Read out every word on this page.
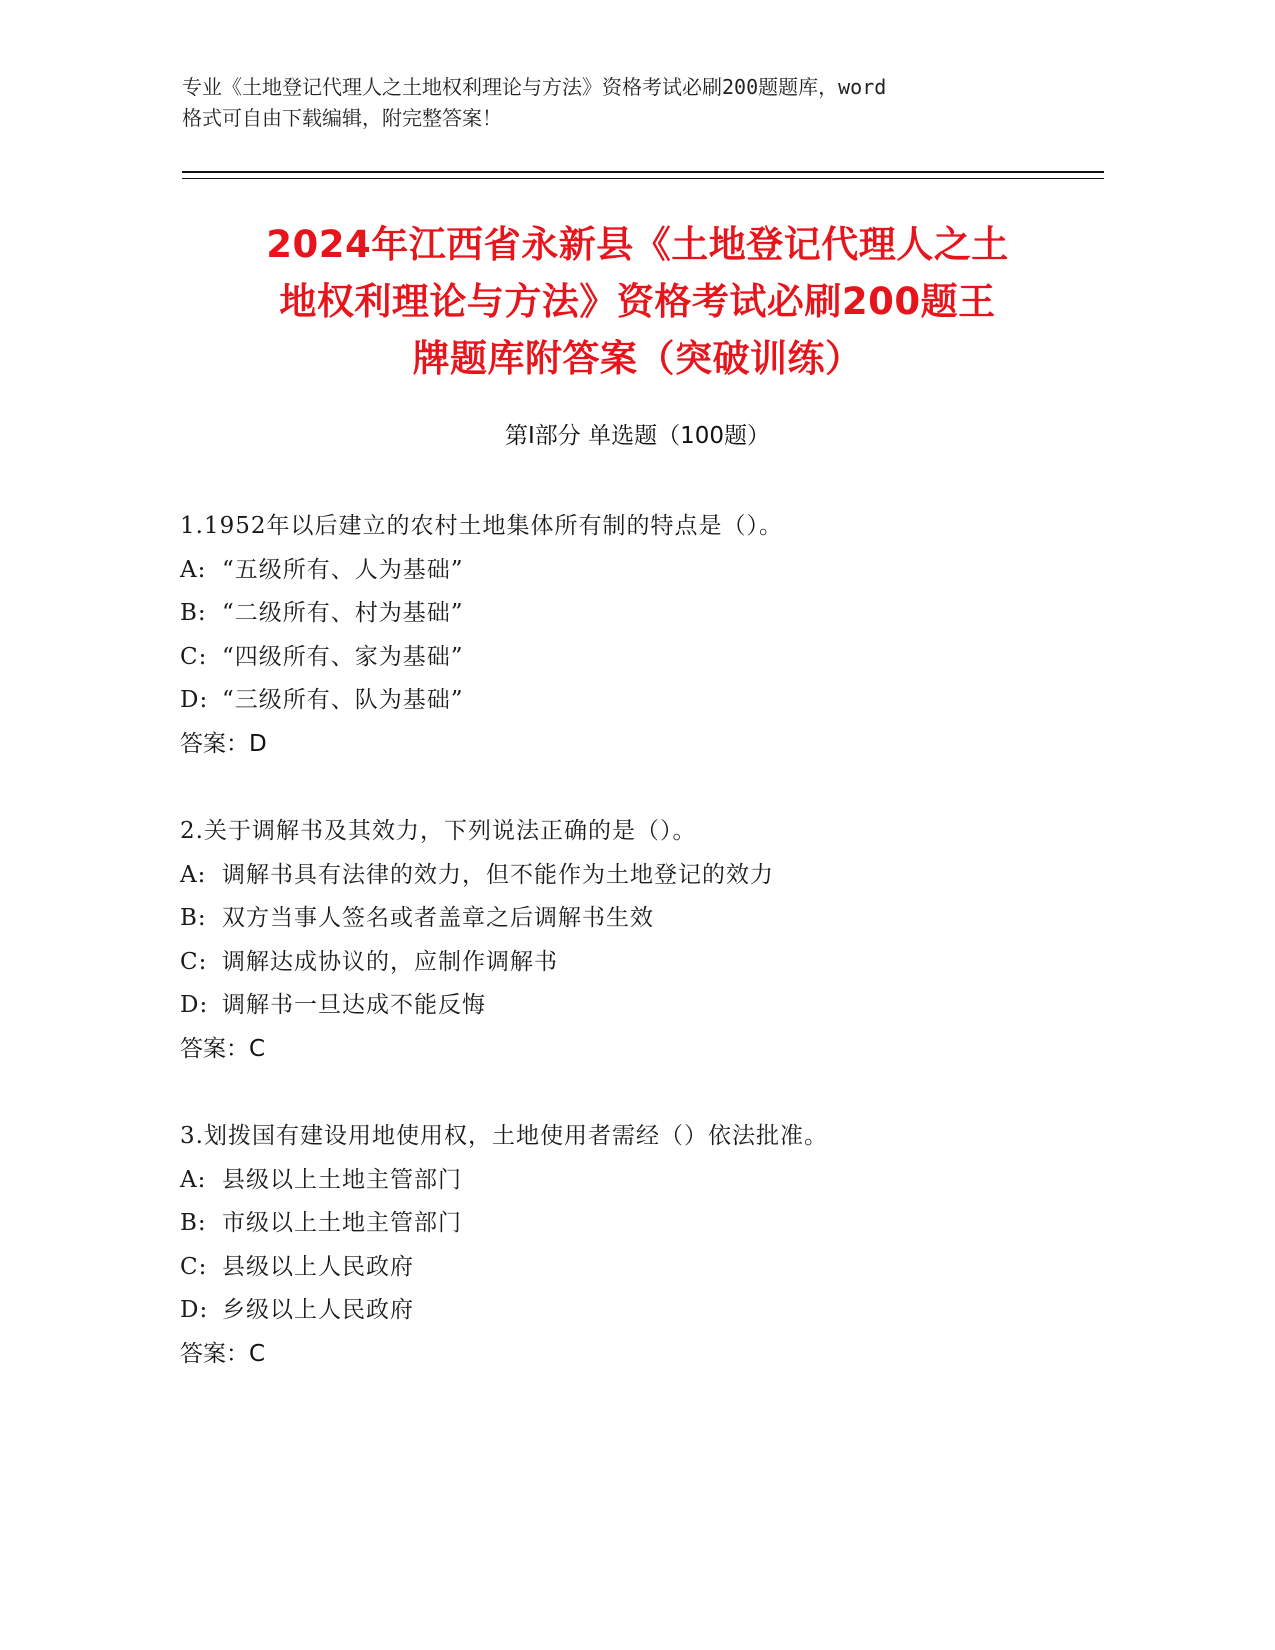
专业《土地登记代理人之土地权利理论与方法》资格考试必刷200题题库，word
格式可自由下载编辑，附完整答案！
2024年江西省永新县《土地登记代理人之土
地权利理论与方法》资格考试必刷200题王
牌题库附答案（突破训练）
第Ⅰ部分 单选题（100题）
1.1952年以后建立的农村土地集体所有制的特点是（）。
A: “五级所有、人为基础”
B: “二级所有、村为基础”
C: “四级所有、家为基础”
D: “三级所有、队为基础”
答案：D
2.关于调解书及其效力，下列说法正确的是（）。
A: 调解书具有法律的效力，但不能作为土地登记的效力
B: 双方当事人签名或者盖章之后调解书生效
C: 调解达成协议的，应制作调解书
D: 调解书一旦达成不能反悔
答案：C
3.划拨国有建设用地使用权，土地使用者需经（）依法批准。
A: 县级以上土地主管部门
B: 市级以上土地主管部门
C: 县级以上人民政府
D: 乡级以上人民政府
答案：C
